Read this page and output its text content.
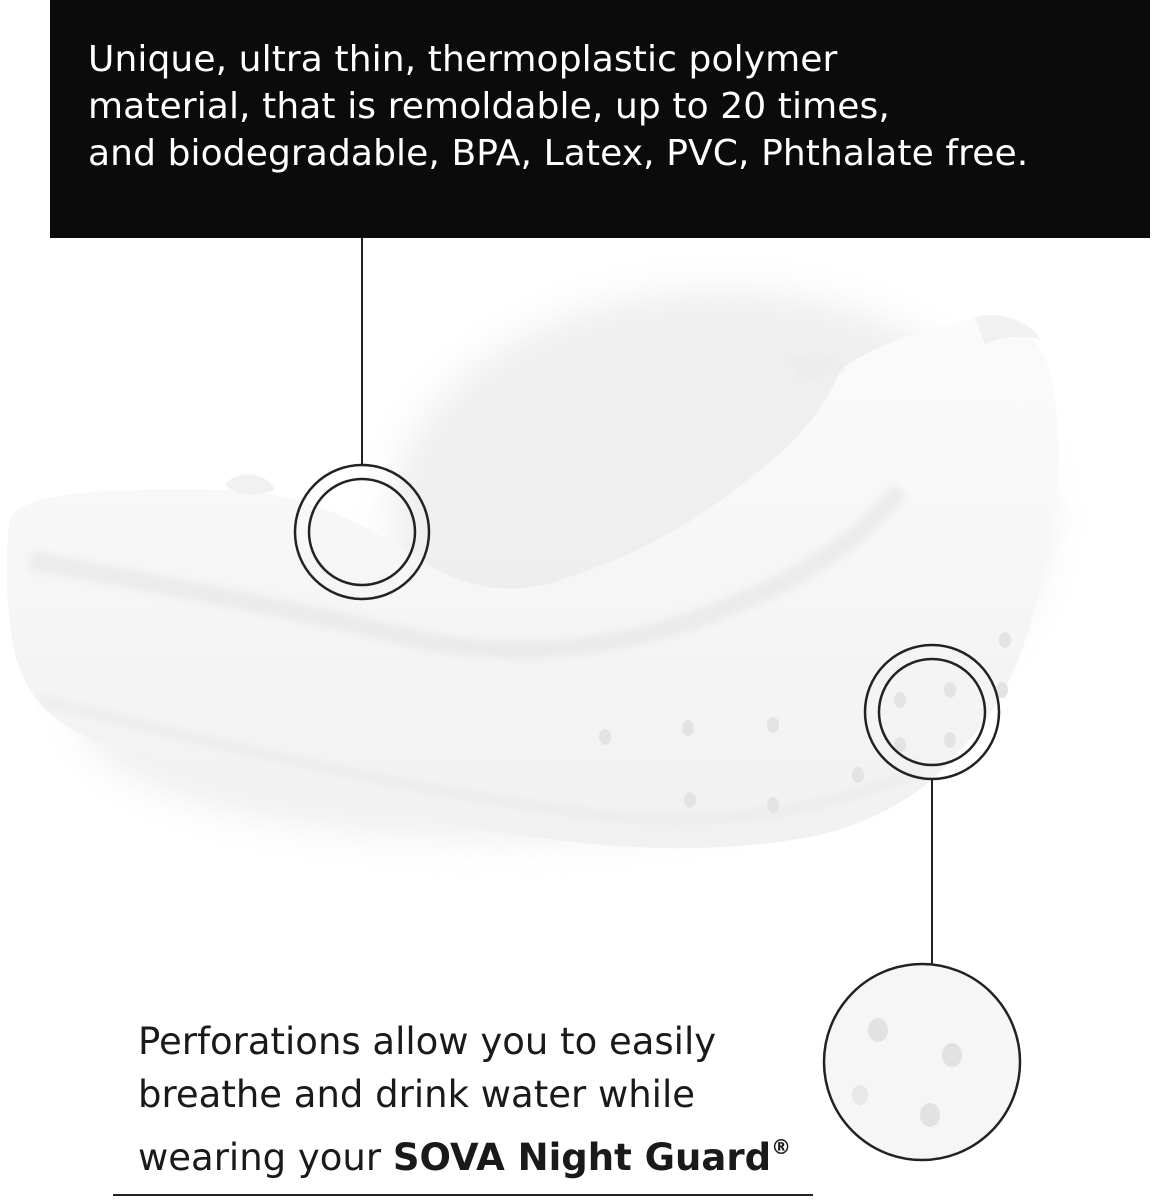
Unique, ultra thin, thermoplastic polymer
material, that is remoldable, up to 20 times,
and biodegradable, BPA, Latex, PVC, Phthalate free.
Perforations allow you to easily
breathe and drink water while
wearing your SOVA Night Guard®
